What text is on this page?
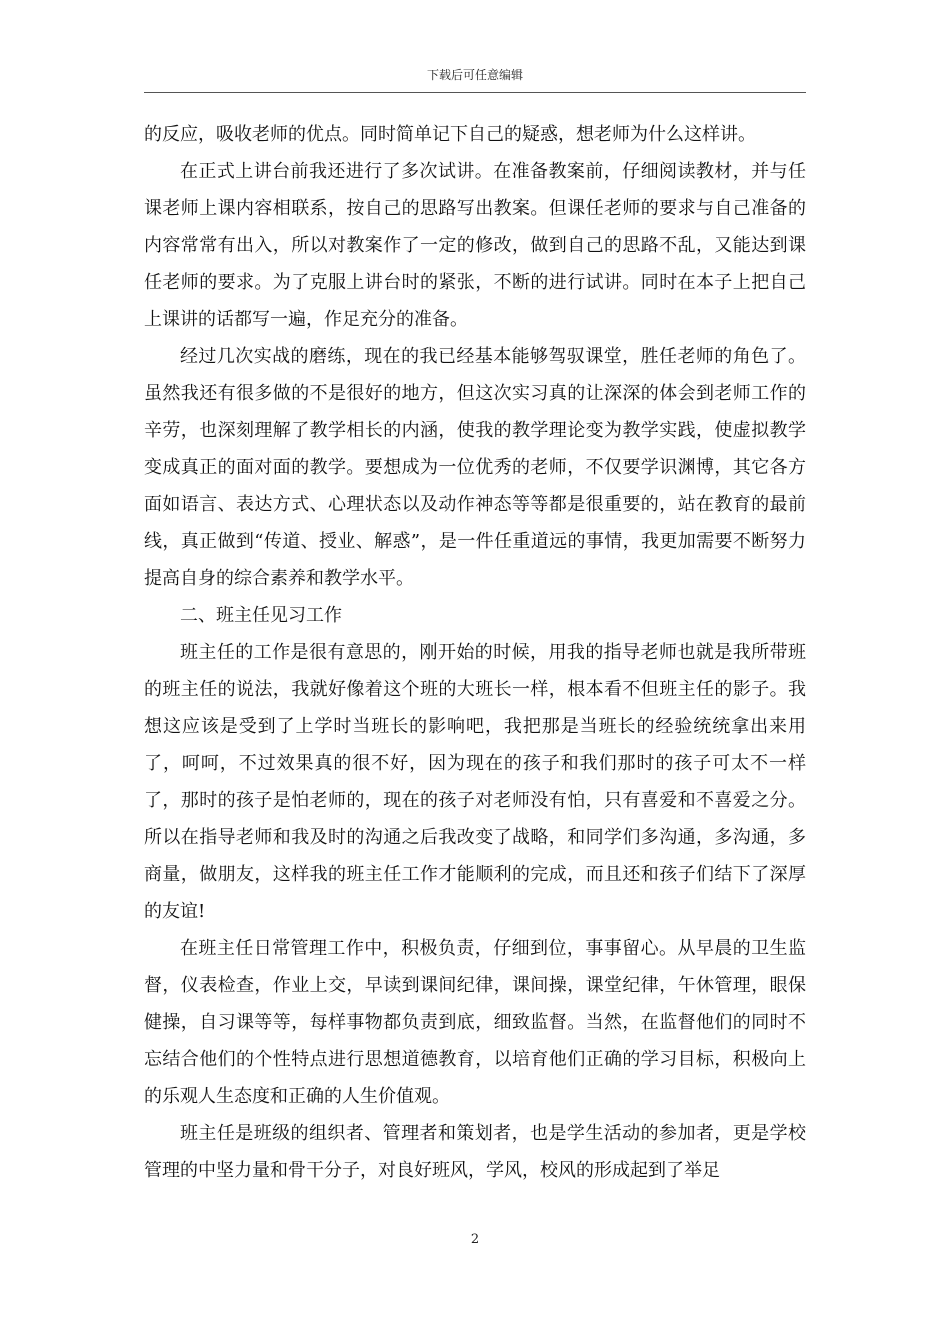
下载后可任意编辑

的反应，吸收老师的优点。同时简单记下自己的疑惑，想老师为什么这样讲。

在正式上讲台前我还进行了多次试讲。在准备教案前，仔细阅读教材，并与任课老师上课内容相联系，按自己的思路写出教案。但课任老师的要求与自己准备的内容常常有出入，所以对教案作了一定的修改，做到自己的思路不乱，又能达到课任老师的要求。为了克服上讲台时的紧张，不断的进行试讲。同时在本子上把自己上课讲的话都写一遍，作足充分的准备。

经过几次实战的磨练，现在的我已经基本能够驾驭课堂，胜任老师的角色了。虽然我还有很多做的不是很好的地方，但这次实习真的让深深的体会到老师工作的辛劳，也深刻理解了教学相长的内涵，使我的教学理论变为教学实践，使虚拟教学变成真正的面对面的教学。要想成为一位优秀的老师，不仅要学识渊博，其它各方面如语言、表达方式、心理状态以及动作神态等等都是很重要的，站在教育的最前线，真正做到“传道、授业、解惑”，是一件任重道远的事情，我更加需要不断努力提高自身的综合素养和教学水平。

二、班主任见习工作

班主任的工作是很有意思的，刚开始的时候，用我的指导老师也就是我所带班的班主任的说法，我就好像着这个班的大班长一样，根本看不但班主任的影子。我想这应该是受到了上学时当班长的影响吧，我把那是当班长的经验统统拿出来用了，呵呵，不过效果真的很不好，因为现在的孩子和我们那时的孩子可太不一样了，那时的孩子是怕老师的，现在的孩子对老师没有怕，只有喜爱和不喜爱之分。所以在指导老师和我及时的沟通之后我改变了战略，和同学们多沟通，多沟通，多商量，做朋友，这样我的班主任工作才能顺利的完成，而且还和孩子们结下了深厚的友谊!

在班主任日常管理工作中，积极负责，仔细到位，事事留心。从早晨的卫生监督，仪表检查，作业上交，早读到课间纪律，课间操，课堂纪律，午休管理，眼保健操，自习课等等，每样事物都负责到底，细致监督。当然，在监督他们的同时不忘结合他们的个性特点进行思想道德教育，以培育他们正确的学习目标，积极向上的乐观人生态度和正确的人生价值观。

班主任是班级的组织者、管理者和策划者，也是学生活动的参加者，更是学校管理的中坚力量和骨干分子，对良好班风，学风，校风的形成起到了举足

2
